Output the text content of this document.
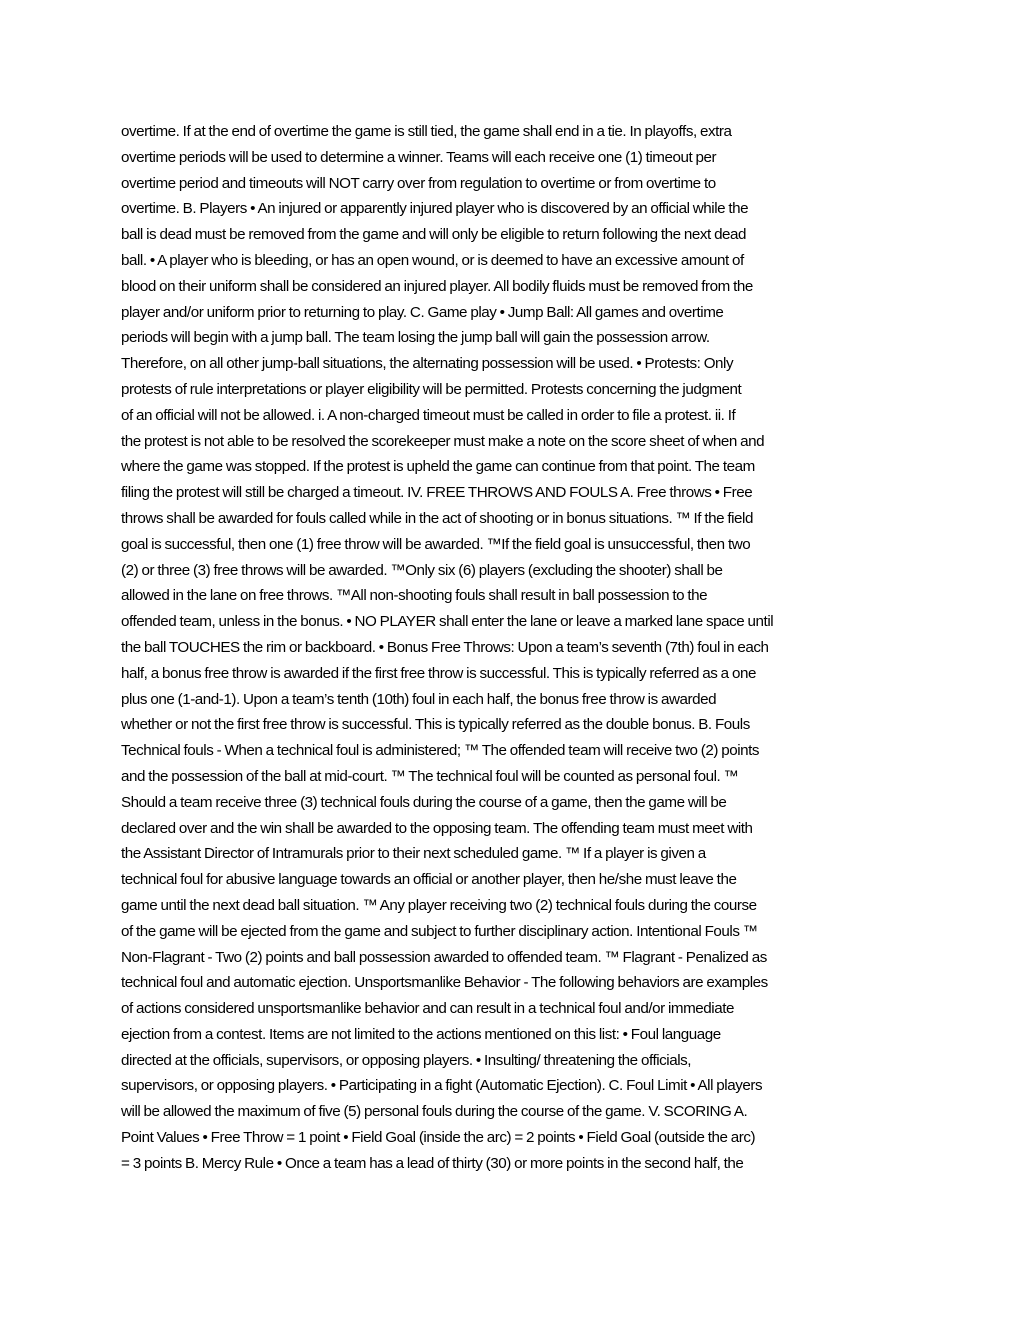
overtime. If at the end of overtime the game is still tied, the game shall end in a tie. In playoffs, extra
overtime periods will be used to determine a winner. Teams will each receive one (1) timeout per
overtime period and timeouts will NOT carry over from regulation to overtime or from overtime to
overtime. B. Players • An injured or apparently injured player who is discovered by an official while the
ball is dead must be removed from the game and will only be eligible to return following the next dead
ball. • A player who is bleeding, or has an open wound, or is deemed to have an excessive amount of
blood on their uniform shall be considered an injured player. All bodily fluids must be removed from the
player and/or uniform prior to returning to play. C. Game play • Jump Ball: All games and overtime
periods will begin with a jump ball. The team losing the jump ball will gain the possession arrow.
Therefore, on all other jump-ball situations, the alternating possession will be used. • Protests: Only
protests of rule interpretations or player eligibility will be permitted. Protests concerning the judgment
of an official will not be allowed. i. A non-charged timeout must be called in order to file a protest. ii. If
the protest is not able to be resolved the scorekeeper must make a note on the score sheet of when and
where the game was stopped. If the protest is upheld the game can continue from that point. The team
filing the protest will still be charged a timeout. IV. FREE THROWS AND FOULS A. Free throws • Free
throws shall be awarded for fouls called while in the act of shooting or in bonus situations. ™ If the field
goal is successful, then one (1) free throw will be awarded. ™If the field goal is unsuccessful, then two
(2) or three (3) free throws will be awarded. ™Only six (6) players (excluding the shooter) shall be
allowed in the lane on free throws. ™All non-shooting fouls shall result in ball possession to the
offended team, unless in the bonus. • NO PLAYER shall enter the lane or leave a marked lane space until
the ball TOUCHES the rim or backboard. • Bonus Free Throws: Upon a team’s seventh (7th) foul in each
half, a bonus free throw is awarded if the first free throw is successful. This is typically referred as a one
plus one (1-and-1). Upon a team’s tenth (10th) foul in each half, the bonus free throw is awarded
whether or not the first free throw is successful. This is typically referred as the double bonus. B. Fouls
Technical fouls - When a technical foul is administered; ™ The offended team will receive two (2) points
and the possession of the ball at mid-court. ™ The technical foul will be counted as personal foul. ™
Should a team receive three (3) technical fouls during the course of a game, then the game will be
declared over and the win shall be awarded to the opposing team. The offending team must meet with
the Assistant Director of Intramurals prior to their next scheduled game. ™ If a player is given a
technical foul for abusive language towards an official or another player, then he/she must leave the
game until the next dead ball situation. ™ Any player receiving two (2) technical fouls during the course
of the game will be ejected from the game and subject to further disciplinary action. Intentional Fouls ™
Non-Flagrant - Two (2) points and ball possession awarded to offended team. ™ Flagrant - Penalized as
technical foul and automatic ejection. Unsportsmanlike Behavior - The following behaviors are examples
of actions considered unsportsmanlike behavior and can result in a technical foul and/or immediate
ejection from a contest. Items are not limited to the actions mentioned on this list: • Foul language
directed at the officials, supervisors, or opposing players. • Insulting/ threatening the officials,
supervisors, or opposing players. • Participating in a fight (Automatic Ejection). C. Foul Limit • All players
will be allowed the maximum of five (5) personal fouls during the course of the game. V. SCORING A.
Point Values • Free Throw = 1 point • Field Goal (inside the arc) = 2 points • Field Goal (outside the arc)
= 3 points B. Mercy Rule • Once a team has a lead of thirty (30) or more points in the second half, the
